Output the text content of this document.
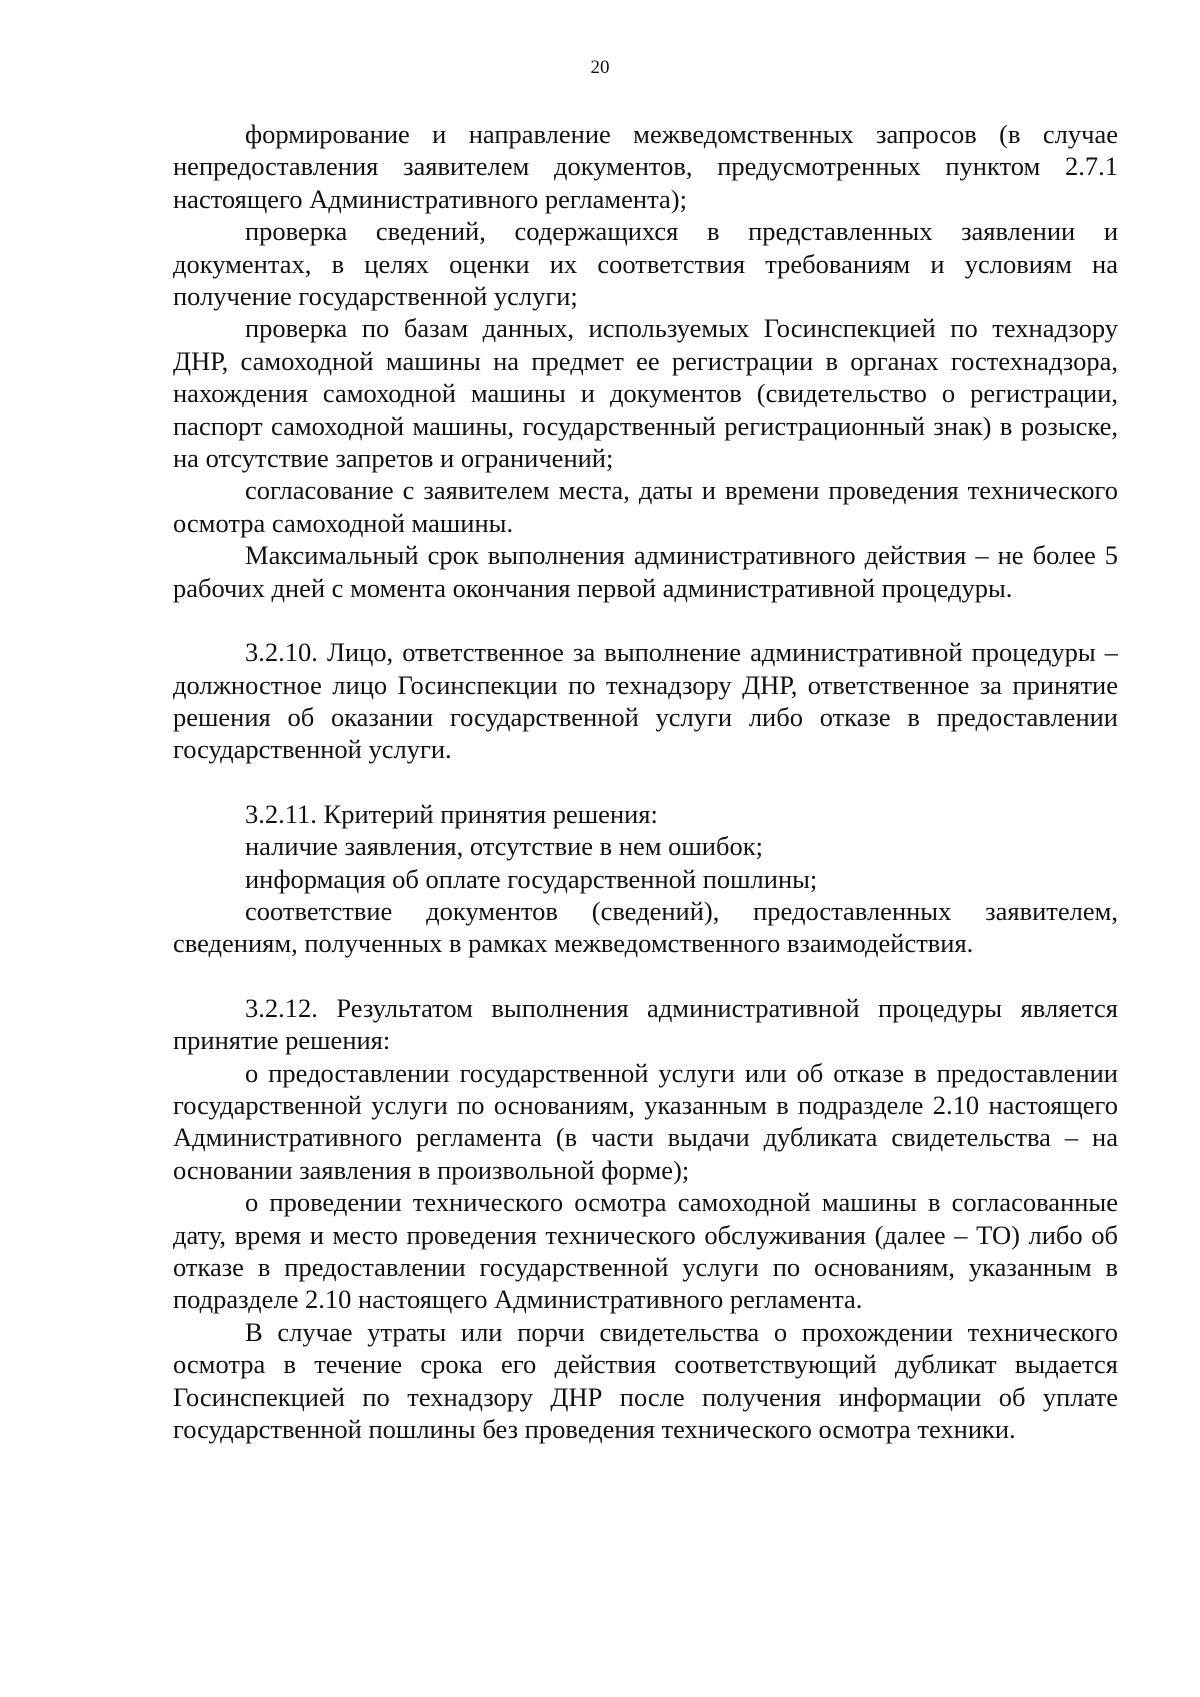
20

формирование и направление межведомственных запросов (в случае непредоставления заявителем документов, предусмотренных пунктом 2.7.1 настоящего Административного регламента);

проверка сведений, содержащихся в представленных заявлении и документах, в целях оценки их соответствия требованиям и условиям на получение государственной услуги;

проверка по базам данных, используемых Госинспекцией по технадзору ДНР, самоходной машины на предмет ее регистрации в органах гостехнадзора, нахождения самоходной машины и документов (свидетельство о регистрации, паспорт самоходной машины, государственный регистрационный знак) в розыске, на отсутствие запретов и ограничений;

согласование с заявителем места, даты и времени проведения технического осмотра самоходной машины.

Максимальный срок выполнения административного действия – не более 5 рабочих дней с момента окончания первой административной процедуры.

3.2.10. Лицо, ответственное за выполнение административной процедуры – должностное лицо Госинспекции по технадзору ДНР, ответственное за принятие решения об оказании государственной услуги либо отказе в предоставлении государственной услуги.

3.2.11. Критерий принятия решения:

наличие заявления, отсутствие в нем ошибок;

информация об оплате государственной пошлины;

соответствие документов (сведений), предоставленных заявителем, сведениям, полученных в рамках межведомственного взаимодействия.

3.2.12. Результатом выполнения административной процедуры является принятие решения:

о предоставлении государственной услуги или об отказе в предоставлении государственной услуги по основаниям, указанным в подразделе 2.10 настоящего Административного регламента (в части выдачи дубликата свидетельства – на основании заявления в произвольной форме);

о проведении технического осмотра самоходной машины в согласованные дату, время и место проведения технического обслуживания (далее – ТО) либо об отказе в предоставлении государственной услуги по основаниям, указанным в подразделе 2.10 настоящего Административного регламента.

В случае утраты или порчи свидетельства о прохождении технического осмотра в течение срока его действия соответствующий дубликат выдается Госинспекцией по технадзору ДНР после получения информации об уплате государственной пошлины без проведения технического осмотра техники.
